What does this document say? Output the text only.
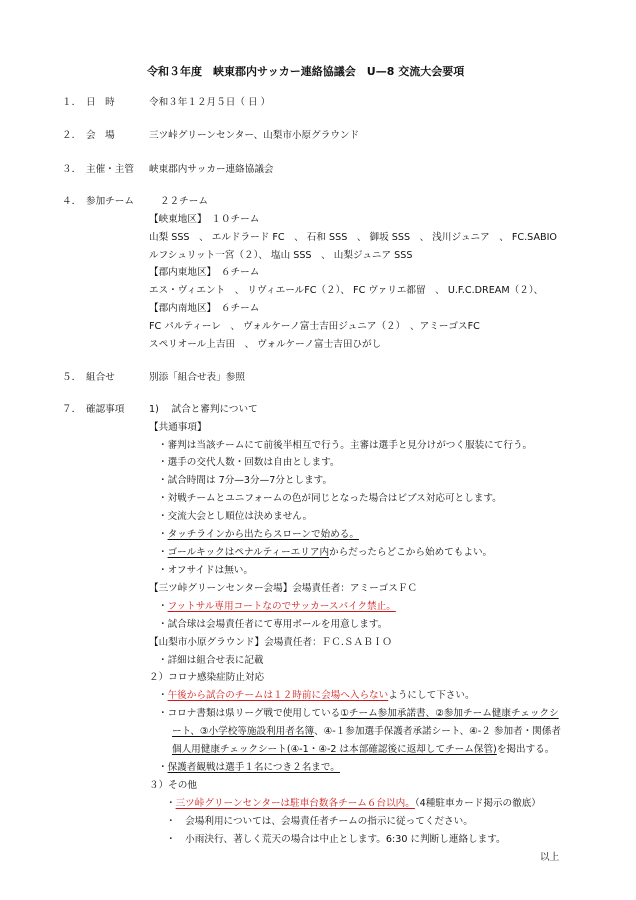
令和３年度　峡東郡内サッカー連絡協議会　U—8 交流大会要項
１． 日　時	令和３年１２月５日（ 日 ）
２． 会　場	三ツ峠グリーンセンター、山梨市小原グラウンド
３． 主催・主管 峡東郡内サッカー連絡協議会
４． 参加チーム	２２チーム
【峡東地区】　１０チーム
山梨 SSS　、 エルドラード FC　、 石和 SSS　、 御坂 SSS　、 浅川ジュニア　、 FC.SABIO
ルフシュリット一宮（２）、 塩山 SSS　、 山梨ジュニア SSS
【郡内東地区】　６チーム
エス・ヴィエント　、 リヴィエールFC（２）、 FC ヴァリエ都留　、 U.F.C.DREAM（２）、
【郡内南地区】　６チーム
FC パルティーレ　、 ヴォルケーノ富士吉田ジュニア（２）　、アミーゴスFC
スペリオール上吉田　、 ヴォルケーノ富士吉田ひがし
５． 組合せ	別添「組合せ表」参照
７． 確認事項	1)　 試合と審判について
【共通事項】
・審判は当該チームにて前後半相互で行う。主審は選手と見分けがつく服装にて行う。
・選手の交代人数・回数は自由とします。
・試合時間は 7分—3分—7分とします。
・対戦チームとユニフォームの色が同じとなった場合はビブス対応可とします。
・交流大会とし順位は決めません。
・タッチラインから出たらスローンで始める。
・ゴールキックはペナルティーエリア内からだったらどこから始めてもよい。
・オフサイドは無い。
【三ツ峠グリーンセンター会場】会場責任者：アミーゴスＦＣ
・フットサル専用コートなのでサッカースパイク禁止。
・試合球は会場責任者にて専用ボールを用意します。
【山梨市小原グラウンド】会場責任者：ＦＣ.ＳＡＢＩＯ
・詳細は組合せ表に記載
２）コロナ感染症防止対応
・午後から試合のチームは１２時前に会場へ入らないようにして下さい。
・コロナ書類は県リーグ戦で使用している①チーム参加承諾書、②参加チーム健康チェックシ
ート、③小学校等施設利用者名簿、④-１参加選手保護者承諾シート、④-２ 参加者・関係者
個人用健康チェックシート(④-1・④-2 は本部確認後に返却してチーム保管)を掲出する。
・保護者観戦は選手１名につき２名まで。
３）その他
・三ツ峠グリーンセンターは駐車台数各チーム６台以内。（4種駐車カード掲示の徹底）
・　会場利用については、会場責任者チームの指示に従ってください。
・　小雨決行、著しく荒天の場合は中止とします。6:30 に判断し連絡します。
以上
